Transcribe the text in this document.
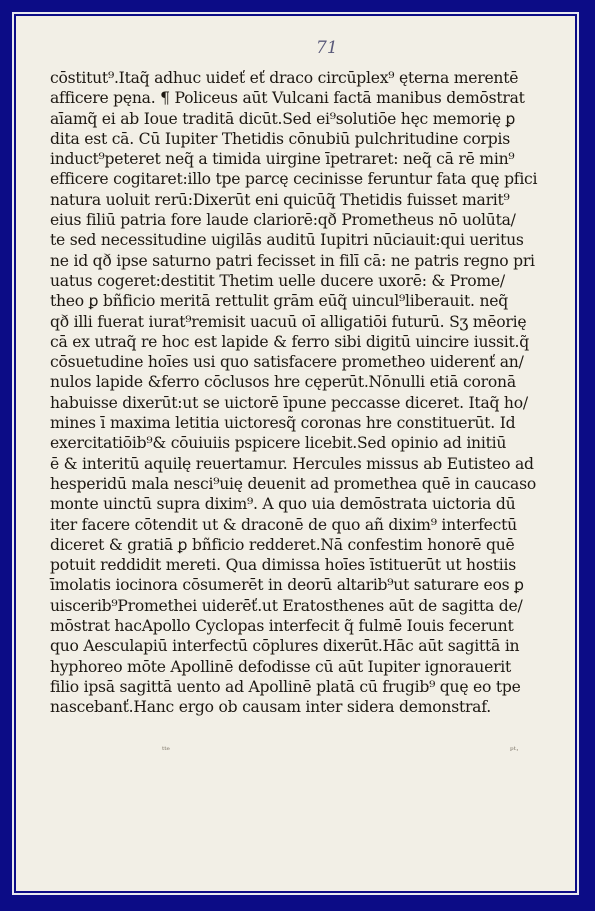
71
cōstitut⁹.Itaq̃ adhuc uideť eť draco circūplex⁹ ęterna merentē
afficere pęna. ¶ Policeus aūt Vulcani factā manibus demōstrat
aīamq̃ ei ab Ioue traditā dicūt.Sed ei⁹solutiōe hęc memorię ꝑ
dita est cā. Cū Iupiter Thetidis cōnubiū pulchritudine corpis
induct⁹peteret neq̃ a timida uirgine īpetraret: neq̃ cā rē min⁹
efficere cogitaret:illo tpe parcę cecinisse feruntur fata quę pfici
natura uoluit rerū:Dixerūt eni quicūq̃ Thetidis fuisset marit⁹
eius filiū patria fore laude clariorē:qð Prometheus nō uolūta/
te sed necessitudine uigilās auditū Iupitri nūciauit:qui ueritus
ne id qð ipse saturno patri fecisset in filī cā: ne patris regno pri
uatus cogeret:destitit Thetim uelle ducere uxorē: & Prome/
theo ꝑ bñficio meritā rettulit grām eūq̃ uincul⁹liberauit. neq̃
qð illi fuerat iurat⁹remisit uacuū oī alligatiōi futurū. Sʒ mēorię
cā ex utraq̃ re hoc est lapide & ferro sibi digitū uincire iussit.q̃
cōsuetudine hoīes usi quo satisfacere prometheo uiderenť an/
nulos lapide &ferro cōclusos hre cęperūt.Nōnulli etiā coronā
habuisse dixerūt:ut se uictorē īpune peccasse diceret. Itaq̃ ho/
mines ī maxima letitia uictoresq̃ coronas hre constituerūt. Id
exercitatiōib⁹& cōuiuiis pspicere licebit.Sed opinio ad initiū
ē & interitū aquilę reuertamur. Hercules missus ab Eutisteo ad
hesperidū mala nesci⁹uię deuenit ad promethea quē in caucaso
monte uinctū supra dixim⁹. A quo uia demōstrata uictoria dū
iter facere cōtendit ut & draconē de quo añ dixim⁹ interfectū
diceret & gratiā ꝑ bñficio redderet.Nā confestim honorē quē
potuit reddidit mereti. Qua dimissa hoīes īstituerūt ut hostiis
īmolatis iocinora cōsumerēt in deorū altarib⁹ut saturare eos ꝑ
uiscerib⁹Promethei uiderēť.ut Eratosthenes aūt de sagitta de/
mōstrat hacApollo Cyclopas interfecit q̃ fulmē Iouis fecerunt
quo Aesculapiū interfectū cōplures dixerūt.Hāc aūt sagittā in
hyphoreo mōte Apollinē defodisse cū aūt Iupiter ignorauerit
filio ipsā sagittā uento ad Apollinē platā cū frugib⁹ quę eo tpe
nascebanť.Hanc ergo ob causam inter sidera demonstraf.
ᵗᵗᵉ	ᵖᵗ·
